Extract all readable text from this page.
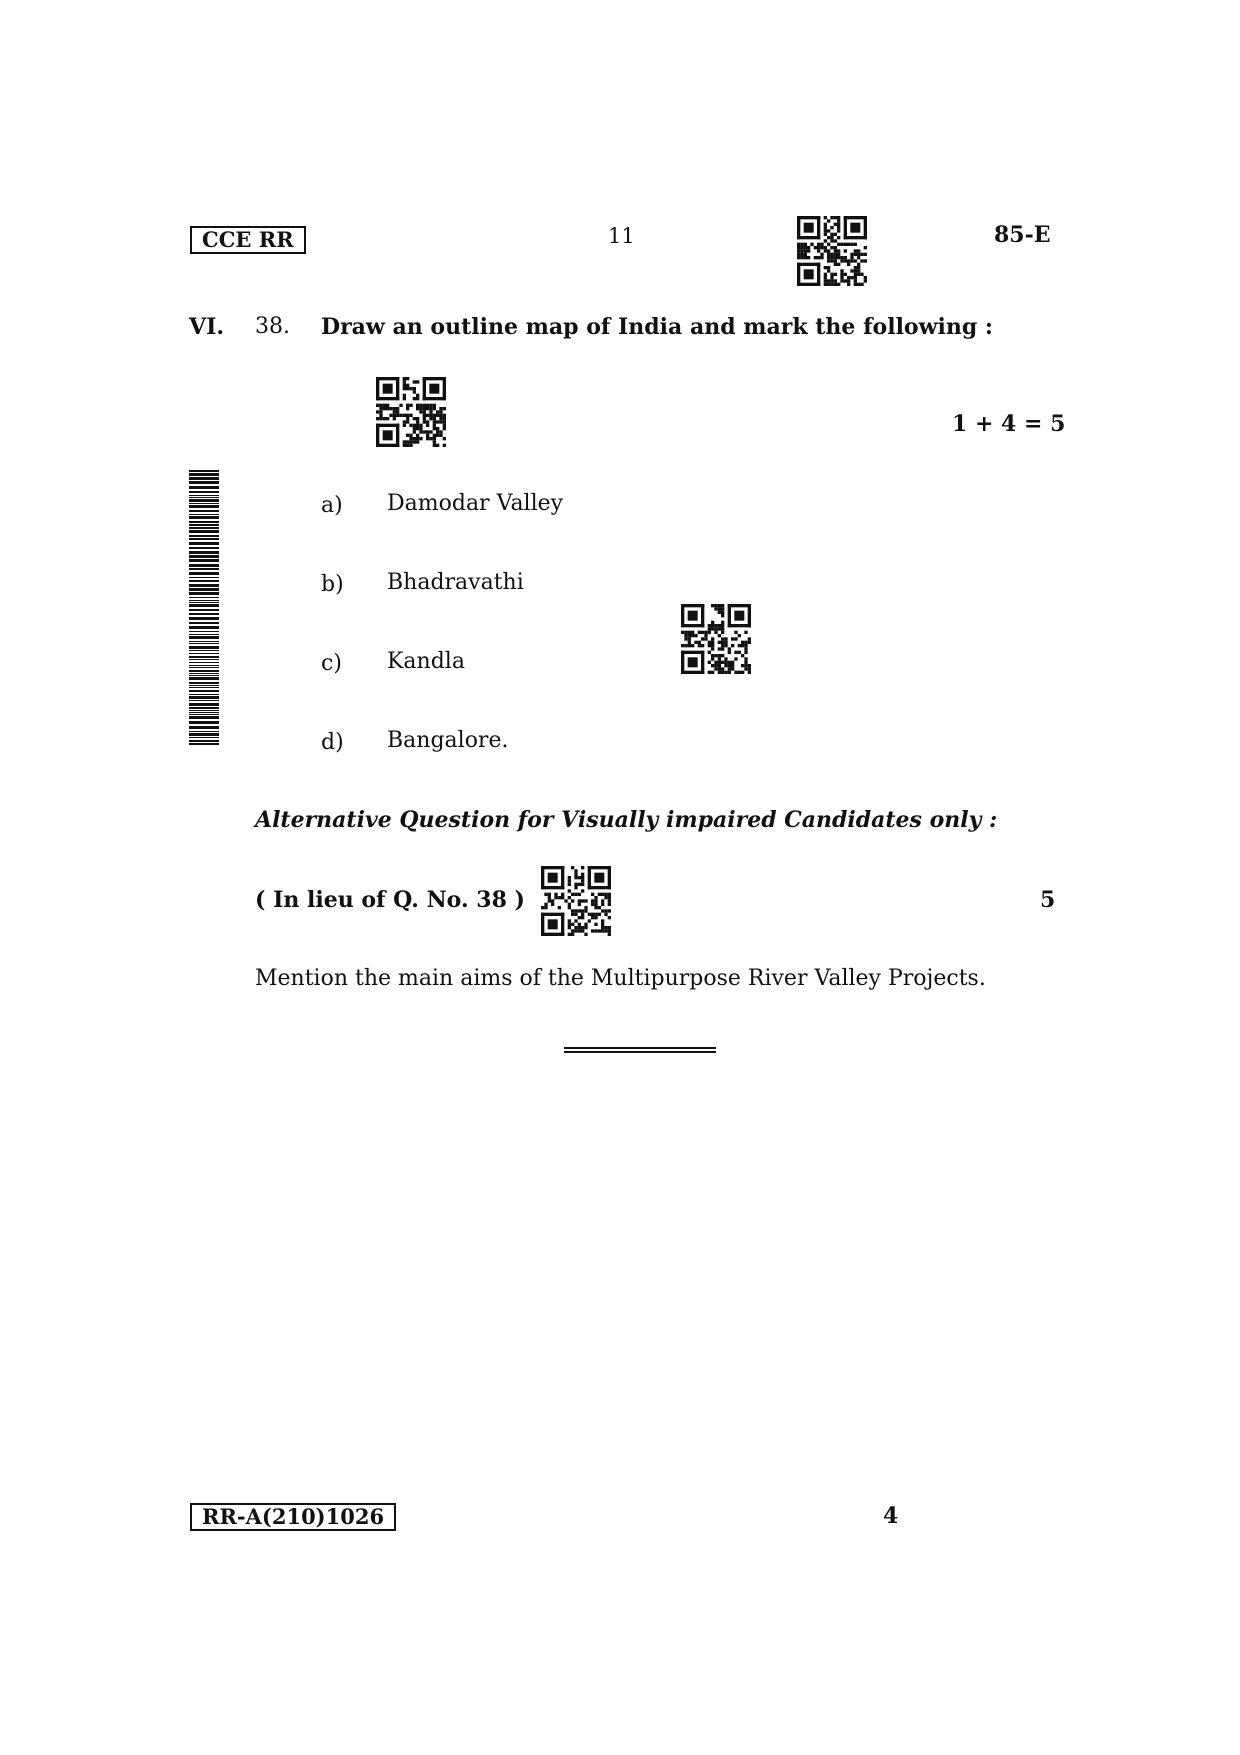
CCE RR	11	85-E
VI. 38. Draw an outline map of India and mark the following :
1 + 4 = 5
a) Damodar Valley
b) Bhadravathi
c) Kandla
d) Bangalore.
Alternative Question for Visually impaired Candidates only :
( In lieu of Q. No. 38 )	5
Mention the main aims of the Multipurpose River Valley Projects.
RR-A(210)1026	4
